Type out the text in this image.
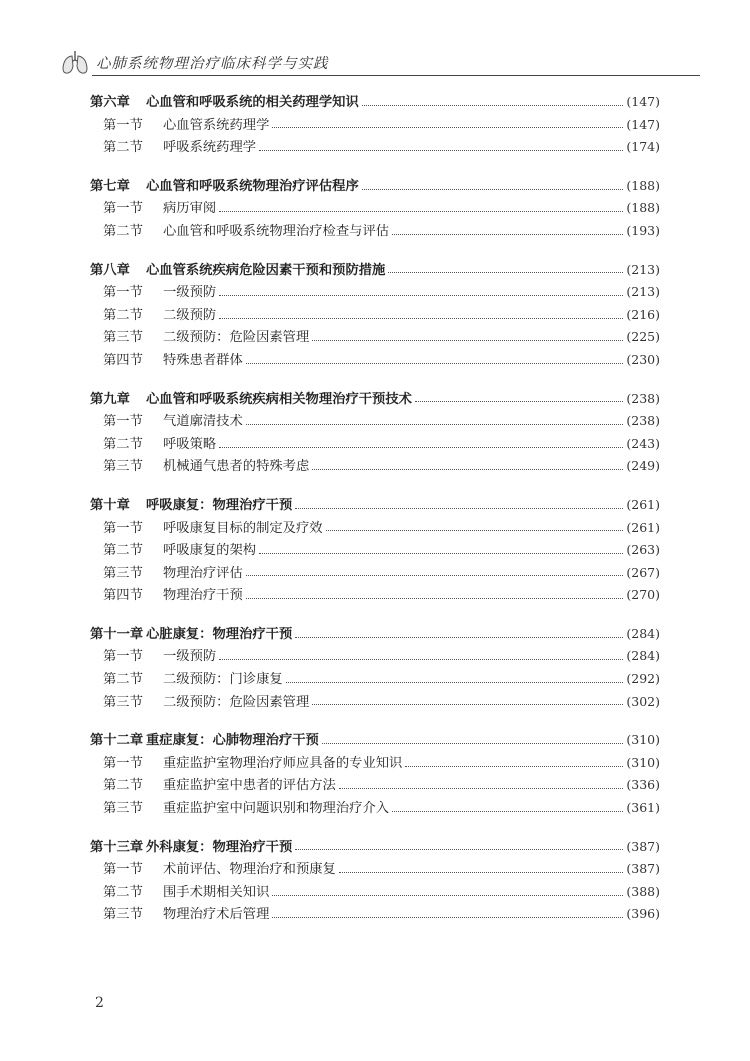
心肺系统物理治疗临床科学与实践
第六章	心血管和呼吸系统的相关药理学知识	(147)
第一节	心血管系统药理学	(147)
第二节	呼吸系统药理学	(174)
第七章	心血管和呼吸系统物理治疗评估程序	(188)
第一节	病历审阅	(188)
第二节	心血管和呼吸系统物理治疗检查与评估	(193)
第八章	心血管系统疾病危险因素干预和预防措施	(213)
第一节	一级预防	(213)
第二节	二级预防	(216)
第三节	二级预防：危险因素管理	(225)
第四节	特殊患者群体	(230)
第九章	心血管和呼吸系统疾病相关物理治疗干预技术	(238)
第一节	气道廓清技术	(238)
第二节	呼吸策略	(243)
第三节	机械通气患者的特殊考虑	(249)
第十章	呼吸康复：物理治疗干预	(261)
第一节	呼吸康复目标的制定及疗效	(261)
第二节	呼吸康复的架构	(263)
第三节	物理治疗评估	(267)
第四节	物理治疗干预	(270)
第十一章 心脏康复：物理治疗干预	(284)
第一节	一级预防	(284)
第二节	二级预防：门诊康复	(292)
第三节	二级预防：危险因素管理	(302)
第十二章 重症康复：心肺物理治疗干预	(310)
第一节	重症监护室物理治疗师应具备的专业知识	(310)
第二节	重症监护室中患者的评估方法	(336)
第三节	重症监护室中问题识别和物理治疗介入	(361)
第十三章 外科康复：物理治疗干预	(387)
第一节	术前评估、物理治疗和预康复	(387)
第二节	围手术期相关知识	(388)
第三节	物理治疗术后管理	(396)
2
